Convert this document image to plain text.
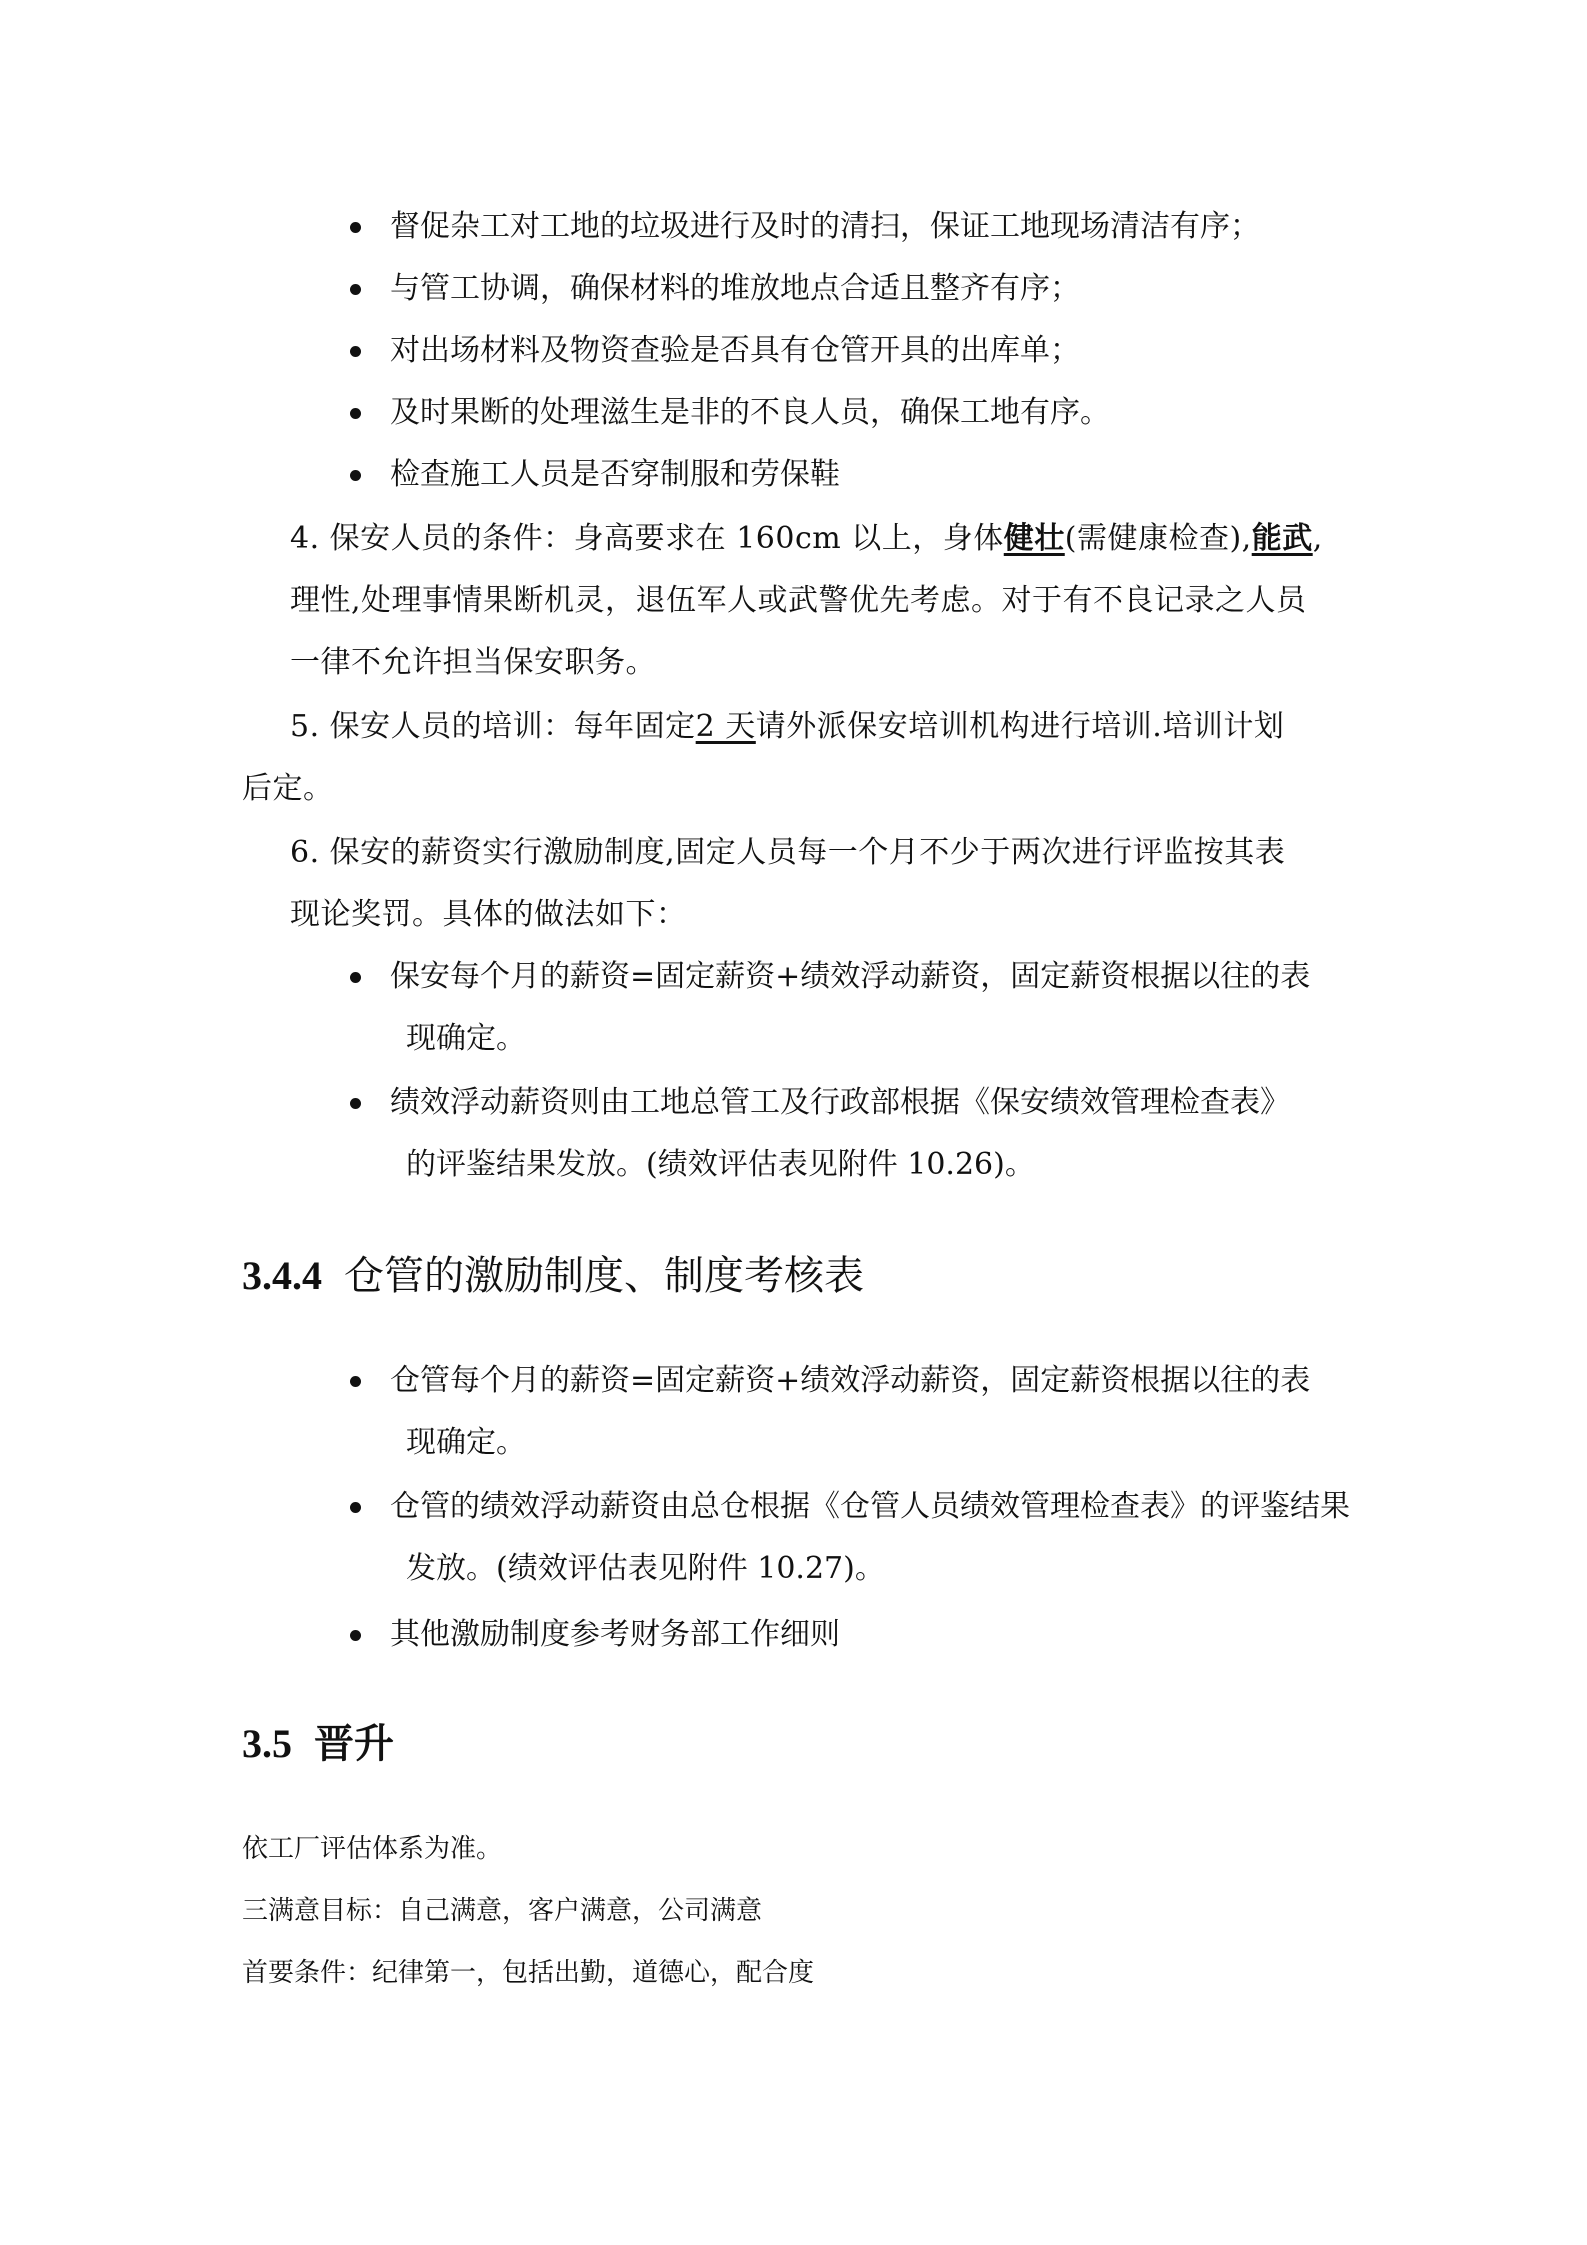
督促杂工对工地的垃圾进行及时的清扫，保证工地现场清洁有序；
与管工协调，确保材料的堆放地点合适且整齐有序；
对出场材料及物资查验是否具有仓管开具的出库单；
及时果断的处理滋生是非的不良人员，确保工地有序。
检查施工人员是否穿制服和劳保鞋
4. 保安人员的条件：身高要求在 160cm 以上，身体健壮(需健康检查),能武,
理性,处理事情果断机灵，退伍军人或武警优先考虑。对于有不良记录之人员
一律不允许担当保安职务。
5. 保安人员的培训：每年固定2 天请外派保安培训机构进行培训.培训计划
后定。
6. 保安的薪资实行激励制度,固定人员每一个月不少于两次进行评监按其表
现论奖罚。具体的做法如下：
保安每个月的薪资=固定薪资+绩效浮动薪资，固定薪资根据以往的表
现确定。
绩效浮动薪资则由工地总管工及行政部根据《保安绩效管理检查表》
的评鉴结果发放。(绩效评估表见附件 10.26)。
3.4.4 仓管的激励制度、制度考核表
仓管每个月的薪资=固定薪资+绩效浮动薪资，固定薪资根据以往的表
现确定。
仓管的绩效浮动薪资由总仓根据《仓管人员绩效管理检查表》的评鉴结果
发放。(绩效评估表见附件 10.27)。
其他激励制度参考财务部工作细则
3.5 晋升
依工厂评估体系为准。
三满意目标：自己满意，客户满意，公司满意
首要条件：纪律第一，包括出勤，道德心，配合度
